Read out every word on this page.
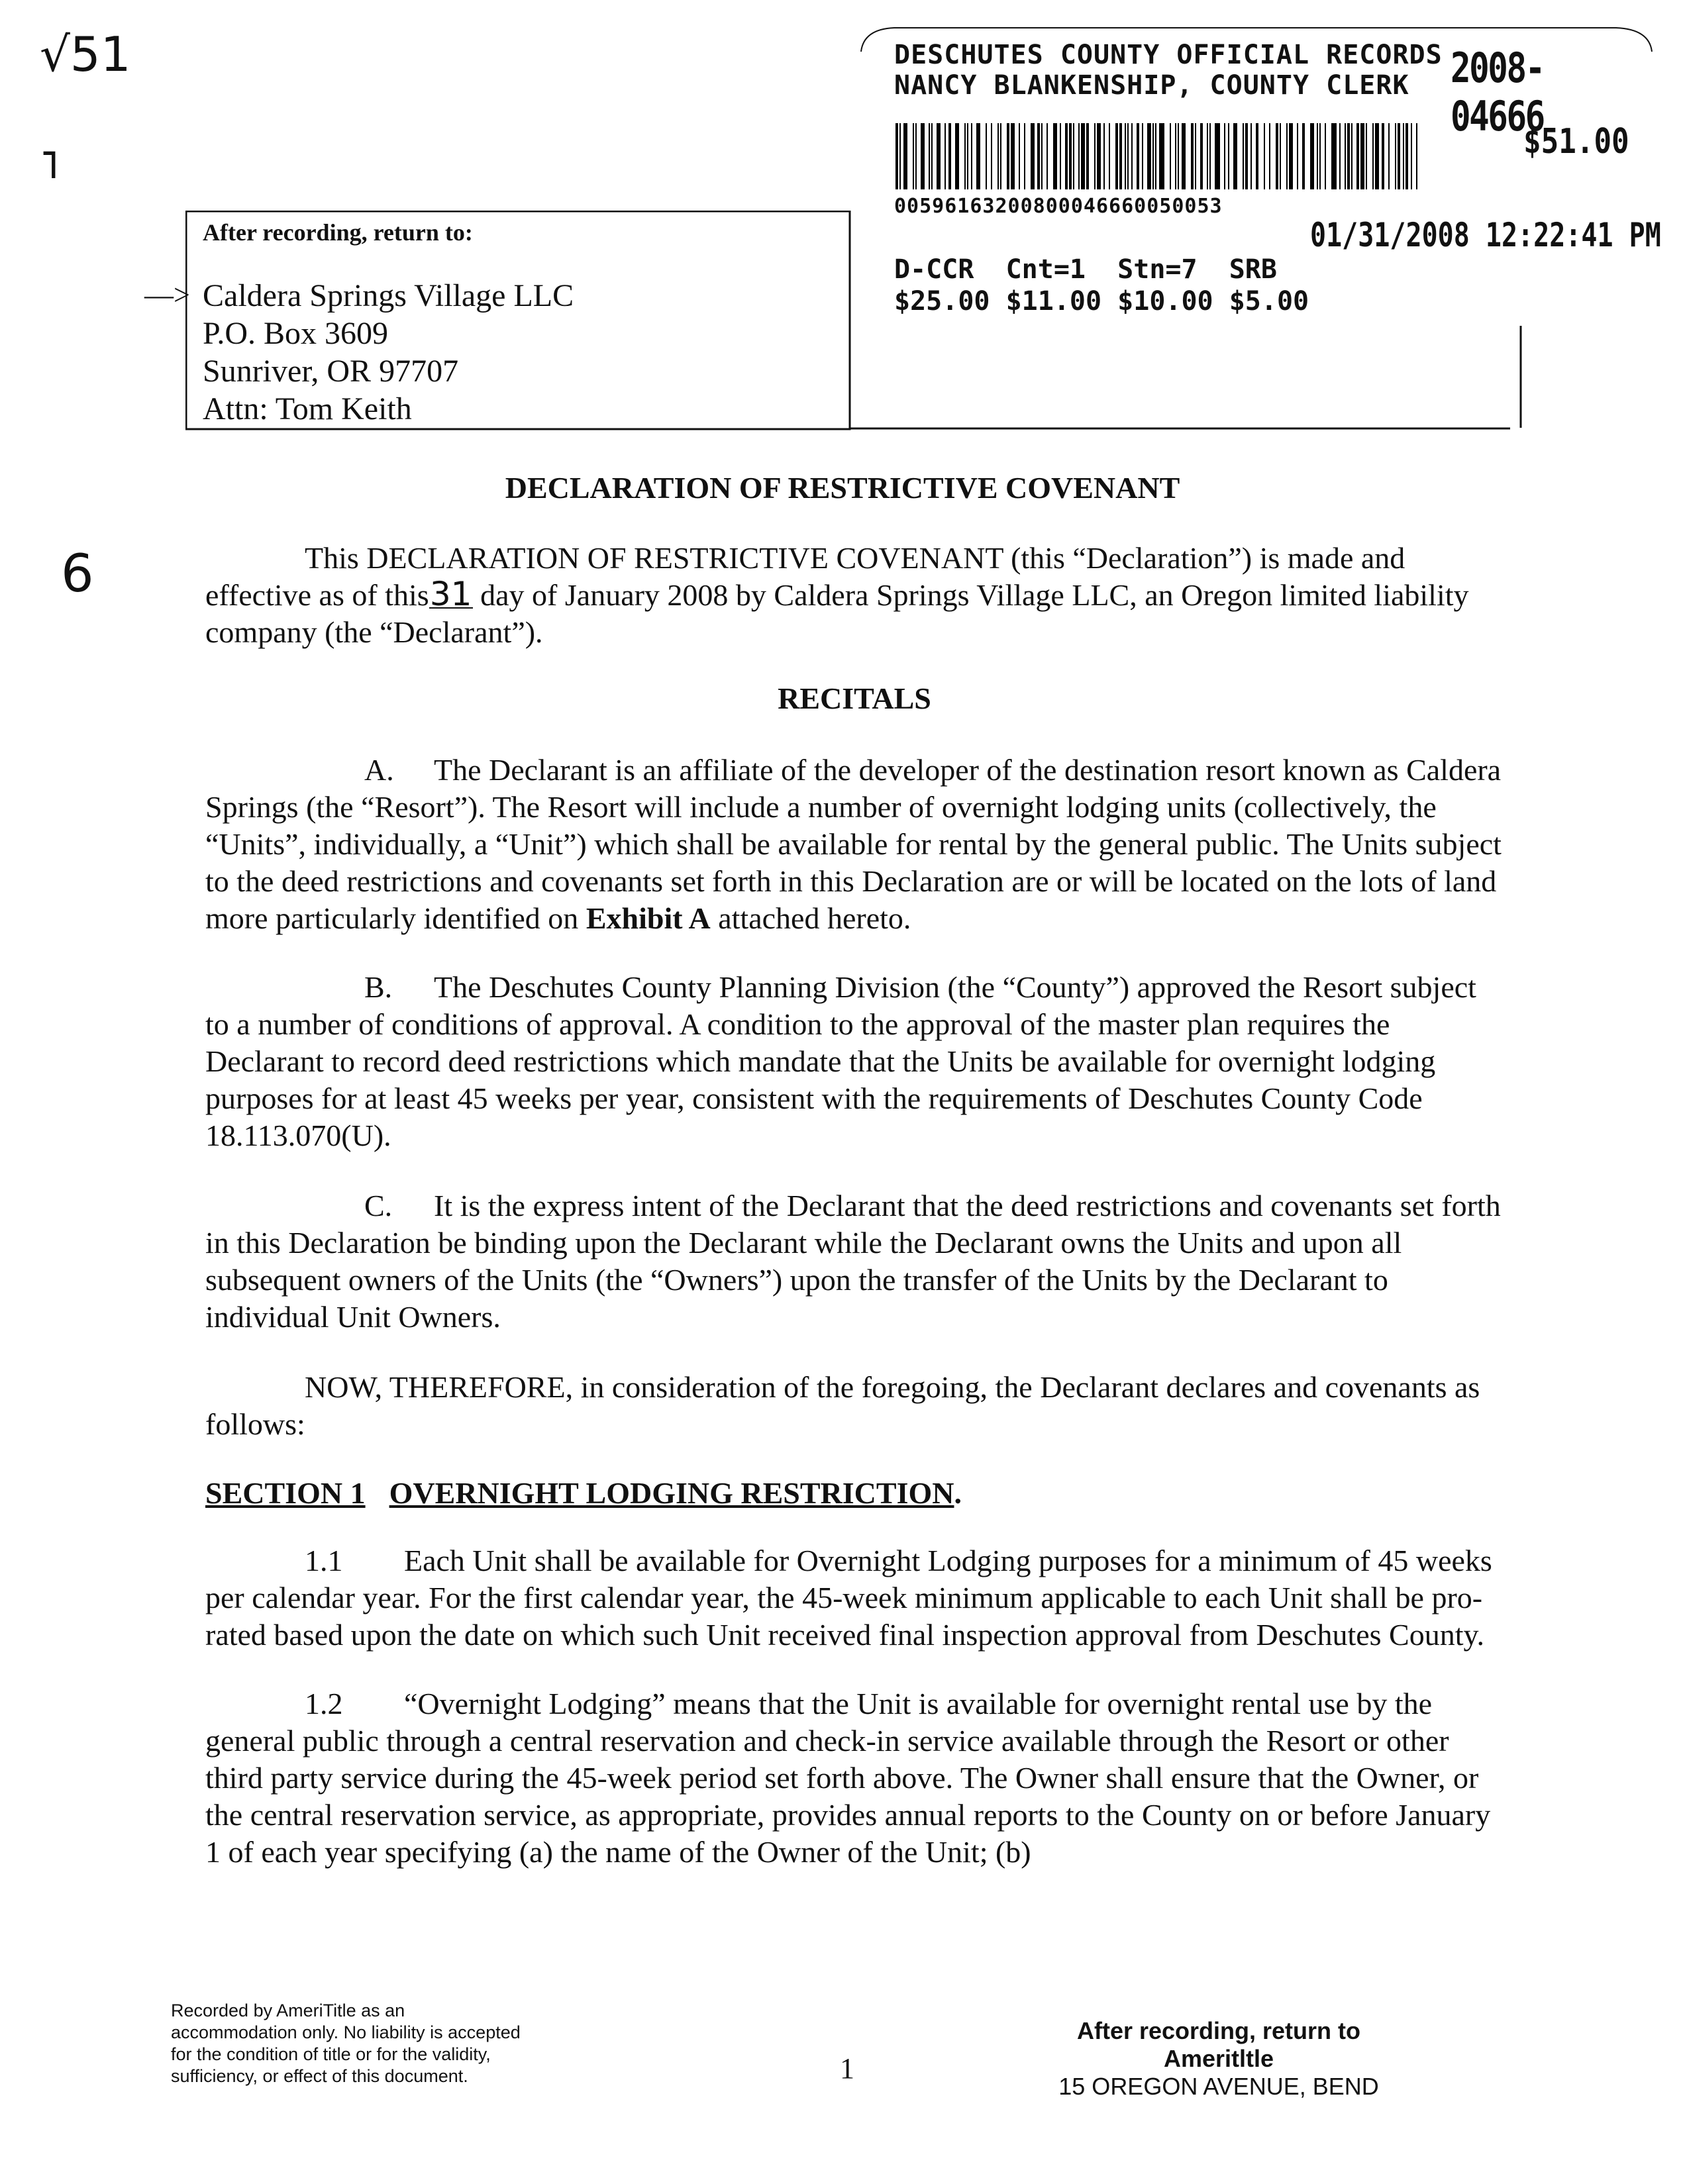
√51
˥
6
DESCHUTES COUNTY OFFICIAL RECORDS
NANCY BLANKENSHIP, COUNTY CLERK 2008-04666
$51.00
00596163200800046660050053
01/31/2008 12:22:41 PM
D-CCR  Cnt=1  Stn=7  SRB
$25.00 $11.00 $10.00 $5.00
After recording, return to:
—> Caldera Springs Village LLC
P.O. Box 3609
Sunriver, OR 97707
Attn: Tom Keith
DECLARATION OF RESTRICTIVE COVENANT

This DECLARATION OF RESTRICTIVE COVENANT (this “Declaration”) is made and effective as of this31 day of January 2008 by Caldera Springs Village LLC, an Oregon limited liability company (the “Declarant”).

RECITALS

A. The Declarant is an affiliate of the developer of the destination resort known as Caldera Springs (the “Resort”). The Resort will include a number of overnight lodging units (collectively, the “Units”, individually, a “Unit”) which shall be available for rental by the general public. The Units subject to the deed restrictions and covenants set forth in this Declaration are or will be located on the lots of land more particularly identified on Exhibit A attached hereto.

B. The Deschutes County Planning Division (the “County”) approved the Resort subject to a number of conditions of approval. A condition to the approval of the master plan requires the Declarant to record deed restrictions which mandate that the Units be available for overnight lodging purposes for at least 45 weeks per year, consistent with the requirements of Deschutes County Code 18.113.070(U).

C. It is the express intent of the Declarant that the deed restrictions and covenants set forth in this Declaration be binding upon the Declarant while the Declarant owns the Units and upon all subsequent owners of the Units (the “Owners”) upon the transfer of the Units by the Declarant to individual Unit Owners.

NOW, THEREFORE, in consideration of the foregoing, the Declarant declares and covenants as follows:

SECTION 1 OVERNIGHT LODGING RESTRICTION.

1.1 Each Unit shall be available for Overnight Lodging purposes for a minimum of 45 weeks per calendar year. For the first calendar year, the 45-week minimum applicable to each Unit shall be pro-rated based upon the date on which such Unit received final inspection approval from Deschutes County.

1.2 “Overnight Lodging” means that the Unit is available for overnight rental use by the general public through a central reservation and check-in service available through the Resort or other third party service during the 45-week period set forth above. The Owner shall ensure that the Owner, or the central reservation service, as appropriate, provides annual reports to the County on or before January 1 of each year specifying (a) the name of the Owner of the Unit; (b)

Recorded by AmeriTitle as an accommodation only. No liability is accepted for the condition of title or for the validity, sufficiency, or effect of this document.	1
After recording, return to
Ameritltle
15 OREGON AVENUE, BEND
